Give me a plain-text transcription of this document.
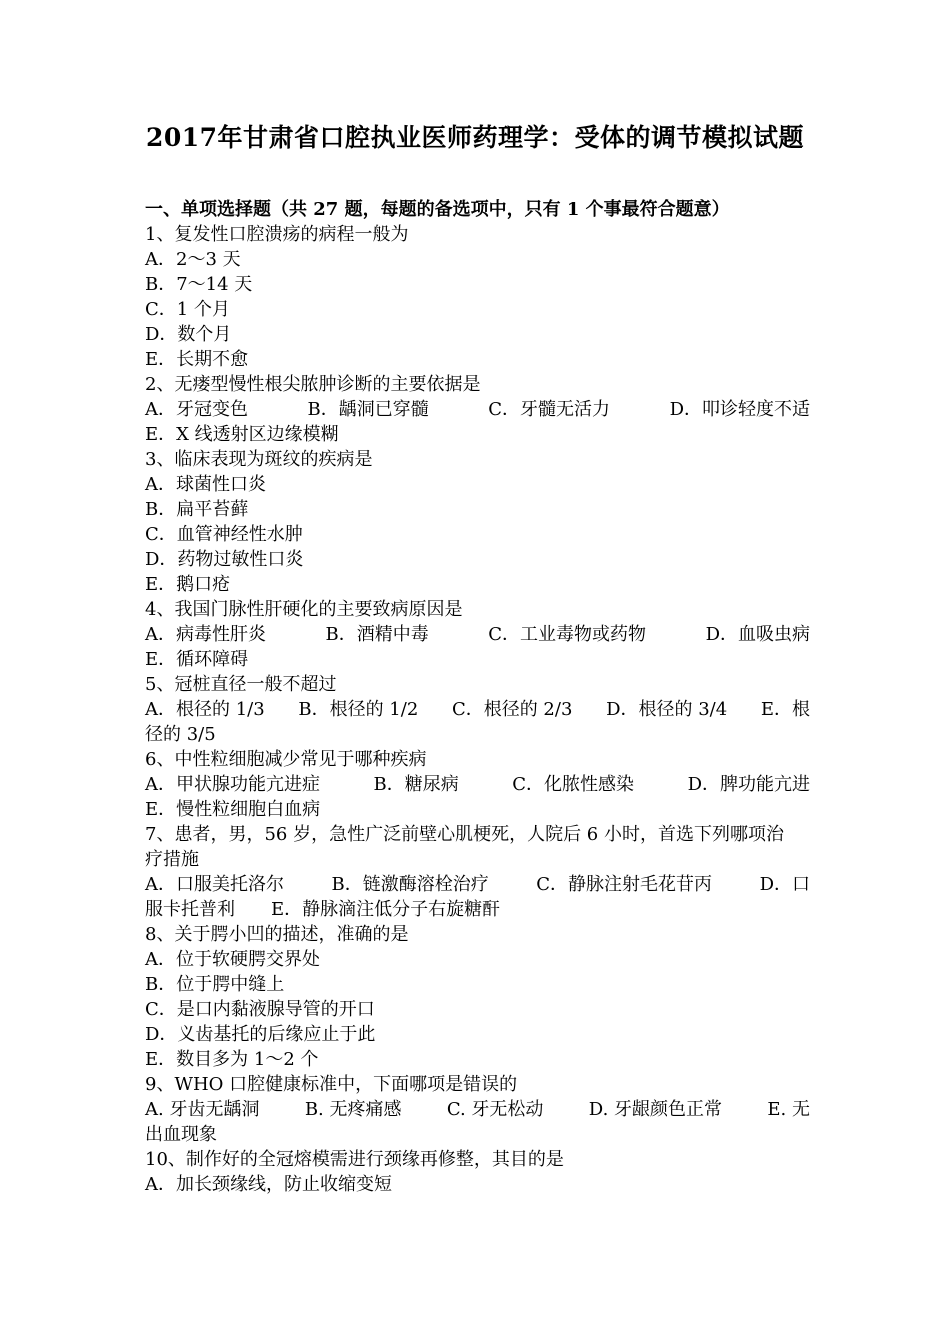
2017年甘肃省口腔执业医师药理学：受体的调节模拟试题
一、单项选择题（共 27 题，每题的备选项中，只有 1 个事最符合题意）
1、复发性口腔溃疡的病程一般为
A．2～3 天
B．7～14 天
C．1 个月
D．数个月
E．长期不愈
2、无瘘型慢性根尖脓肿诊断的主要依据是
A．牙冠变色	B．龋洞已穿髓	C．牙髓无活力	D．叩诊轻度不适
E．X 线透射区边缘模糊
3、临床表现为斑纹的疾病是
A．球菌性口炎
B．扁平苔藓
C．血管神经性水肿
D．药物过敏性口炎
E．鹅口疮
4、我国门脉性肝硬化的主要致病原因是
A．病毒性肝炎	B．酒精中毒	C．工业毒物或药物	D．血吸虫病
E．循环障碍
5、冠桩直径一般不超过
A．根径的 1/3 B．根径的 1/2 C．根径的 2/3 D．根径的 3/4 E．根
径的 3/5
6、中性粒细胞减少常见于哪种疾病
A．甲状腺功能亢进症	B．糖尿病	C．化脓性感染	D．脾功能亢进
E．慢性粒细胞白血病
7、患者，男，56 岁，急性广泛前壁心肌梗死，人院后 6 小时，首选下列哪项治
疗措施
A．口服美托洛尔	B．链激酶溶栓治疗	C．静脉注射毛花苷丙	D．口
服卡托普利　　E．静脉滴注低分子右旋糖酐
8、关于腭小凹的描述，准确的是
A．位于软硬腭交界处
B．位于腭中缝上
C．是口内黏液腺导管的开口
D．义齿基托的后缘应止于此
E．数目多为 1～2 个
9、WHO 口腔健康标准中，下面哪项是错误的
A. 牙齿无龋洞	B. 无疼痛感	C. 牙无松动	D. 牙龈颜色正常	E. 无
出血现象
10、制作好的全冠熔模需进行颈缘再修整，其目的是
A．加长颈缘线，防止收缩变短
